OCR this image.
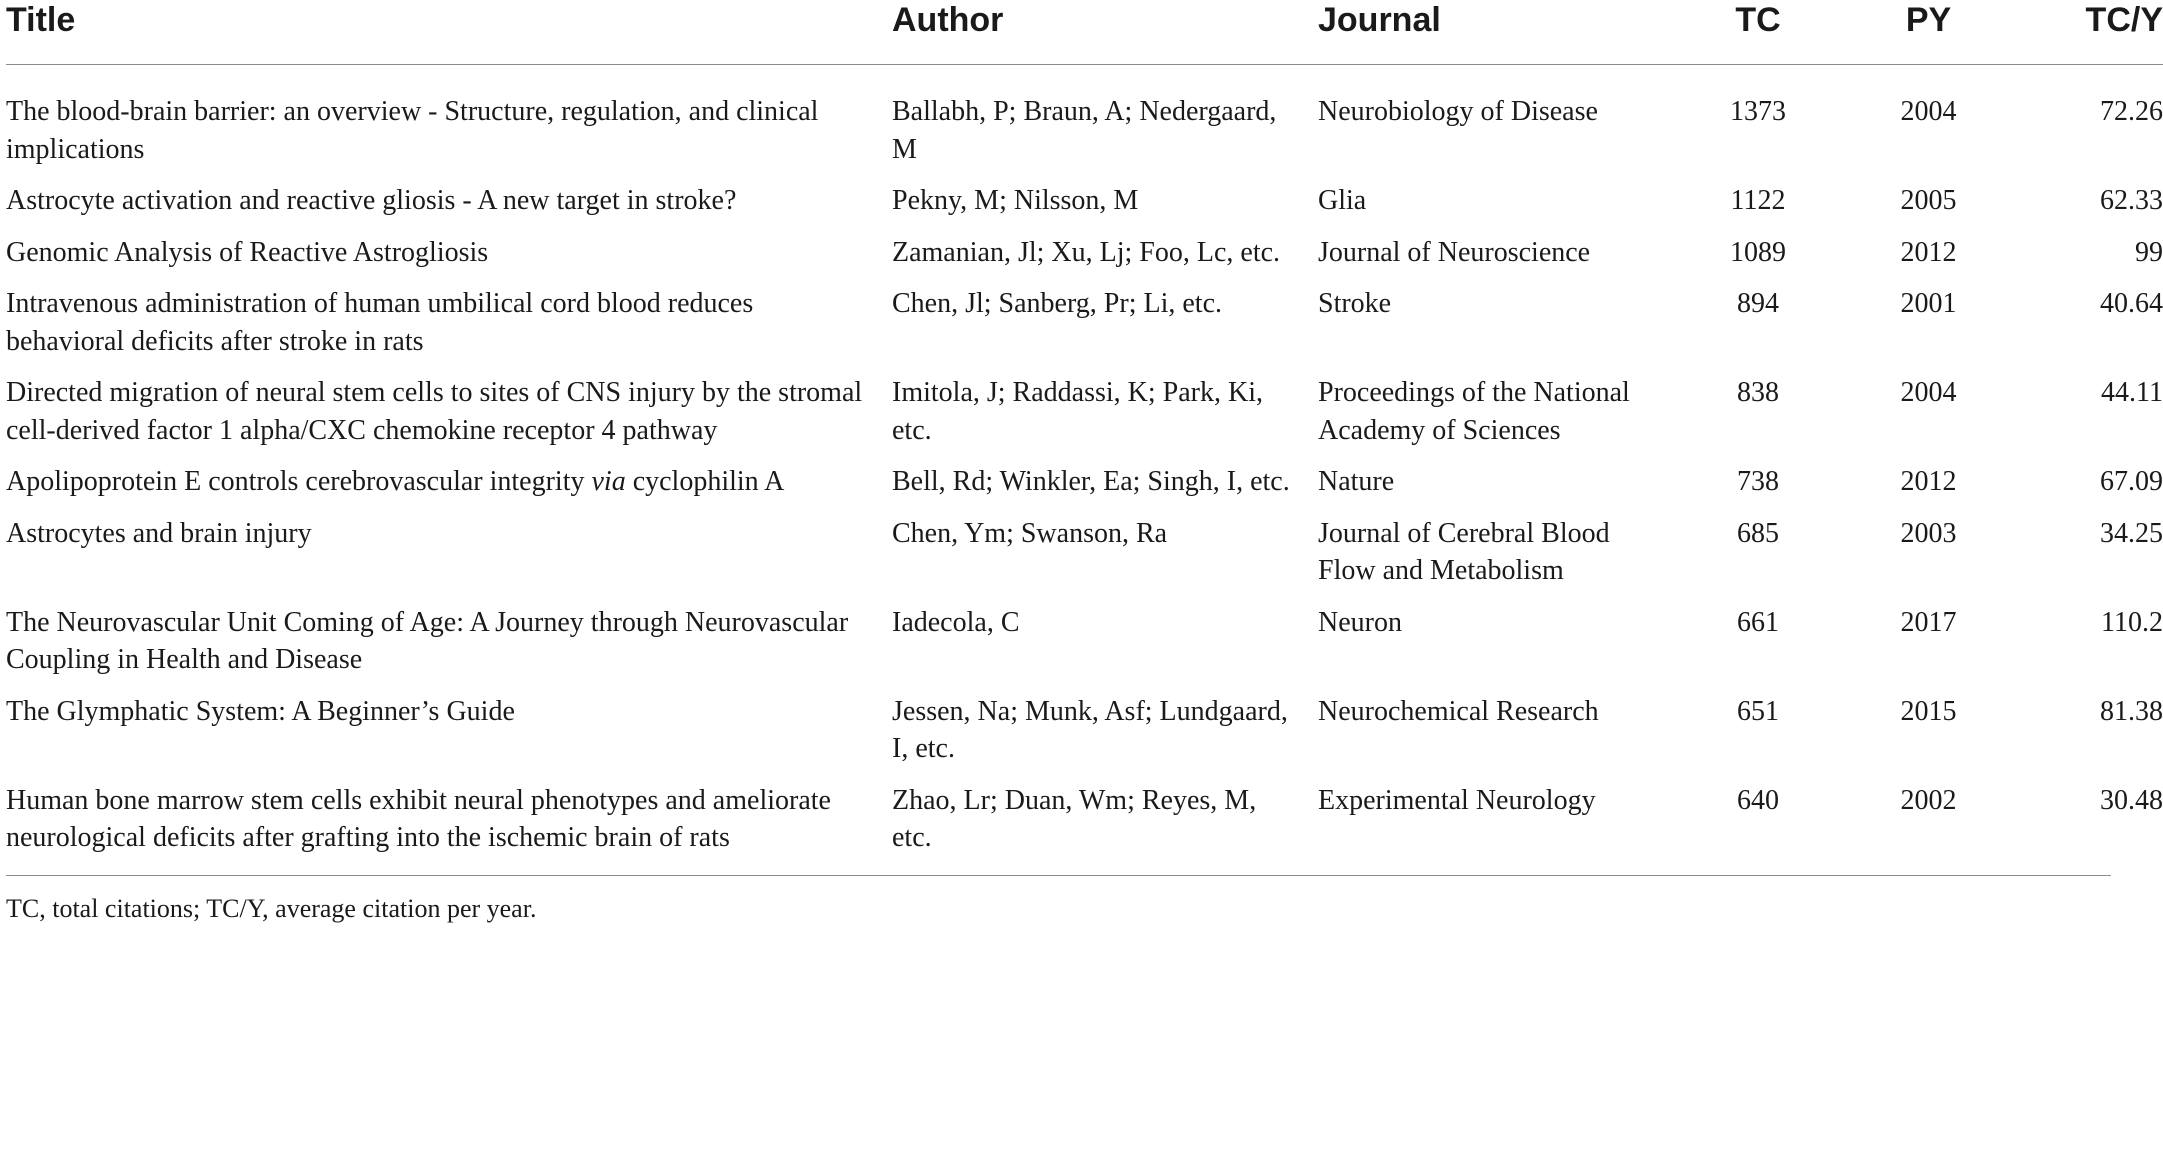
Title	Author	Journal	TC	PY	TC/Y
The blood-brain barrier: an overview - Structure, regulation, and clinical implications	Ballabh, P; Braun, A; Nedergaard, M	Neurobiology of Disease	1373	2004	72.26
Astrocyte activation and reactive gliosis - A new target in stroke?	Pekny, M; Nilsson, M	Glia	1122	2005	62.33
Genomic Analysis of Reactive Astrogliosis	Zamanian, Jl; Xu, Lj; Foo, Lc, etc.	Journal of Neuroscience	1089	2012	99
Intravenous administration of human umbilical cord blood reduces behavioral deficits after stroke in rats	Chen, Jl; Sanberg, Pr; Li, etc.	Stroke	894	2001	40.64
Directed migration of neural stem cells to sites of CNS injury by the stromal cell-derived factor 1 alpha/CXC chemokine receptor 4 pathway	Imitola, J; Raddassi, K; Park, Ki, etc.	Proceedings of the National Academy of Sciences	838	2004	44.11
Apolipoprotein E controls cerebrovascular integrity via cyclophilin A	Bell, Rd; Winkler, Ea; Singh, I, etc.	Nature	738	2012	67.09
Astrocytes and brain injury	Chen, Ym; Swanson, Ra	Journal of Cerebral Blood Flow and Metabolism	685	2003	34.25
The Neurovascular Unit Coming of Age: A Journey through Neurovascular Coupling in Health and Disease	Iadecola, C	Neuron	661	2017	110.2
The Glymphatic System: A Beginner’s Guide	Jessen, Na; Munk, Asf; Lundgaard, I, etc.	Neurochemical Research	651	2015	81.38
Human bone marrow stem cells exhibit neural phenotypes and ameliorate neurological deficits after grafting into the ischemic brain of rats	Zhao, Lr; Duan, Wm; Reyes, M, etc.	Experimental Neurology	640	2002	30.48
TC, total citations; TC/Y, average citation per year.
